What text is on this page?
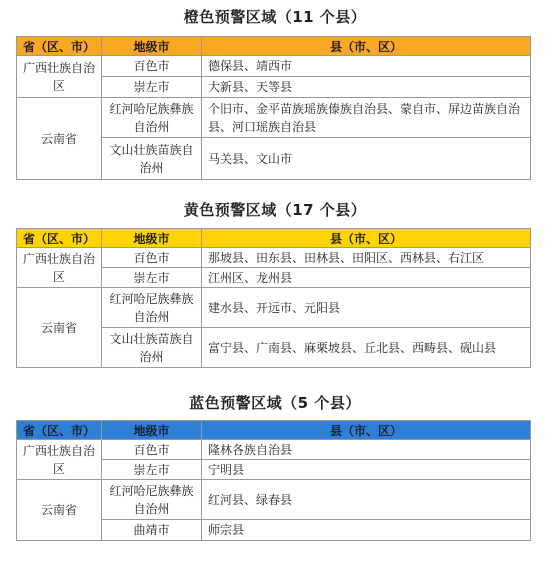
橙色预警区域（11 个县）
省（区、市）	地级市	县（市、区）
广西壮族自治区	百色市	德保县、靖西市
	崇左市	大新县、天等县
云南省	红河哈尼族彝族自治州	个旧市、金平苗族瑶族傣族自治县、蒙自市、屏边苗族自治县、河口瑶族自治县
	文山壮族苗族自治州	马关县、文山市
黄色预警区域（17 个县）
省（区、市）	地级市	县（市、区）
广西壮族自治区	百色市	那坡县、田东县、田林县、田阳区、西林县、右江区
	崇左市	江州区、龙州县
云南省	红河哈尼族彝族自治州	建水县、开远市、元阳县
	文山壮族苗族自治州	富宁县、广南县、麻栗坡县、丘北县、西畴县、砚山县
蓝色预警区域（5 个县）
省（区、市）	地级市	县（市、区）
广西壮族自治区	百色市	隆林各族自治县
	崇左市	宁明县
云南省	红河哈尼族彝族自治州	红河县、绿春县
	曲靖市	师宗县
